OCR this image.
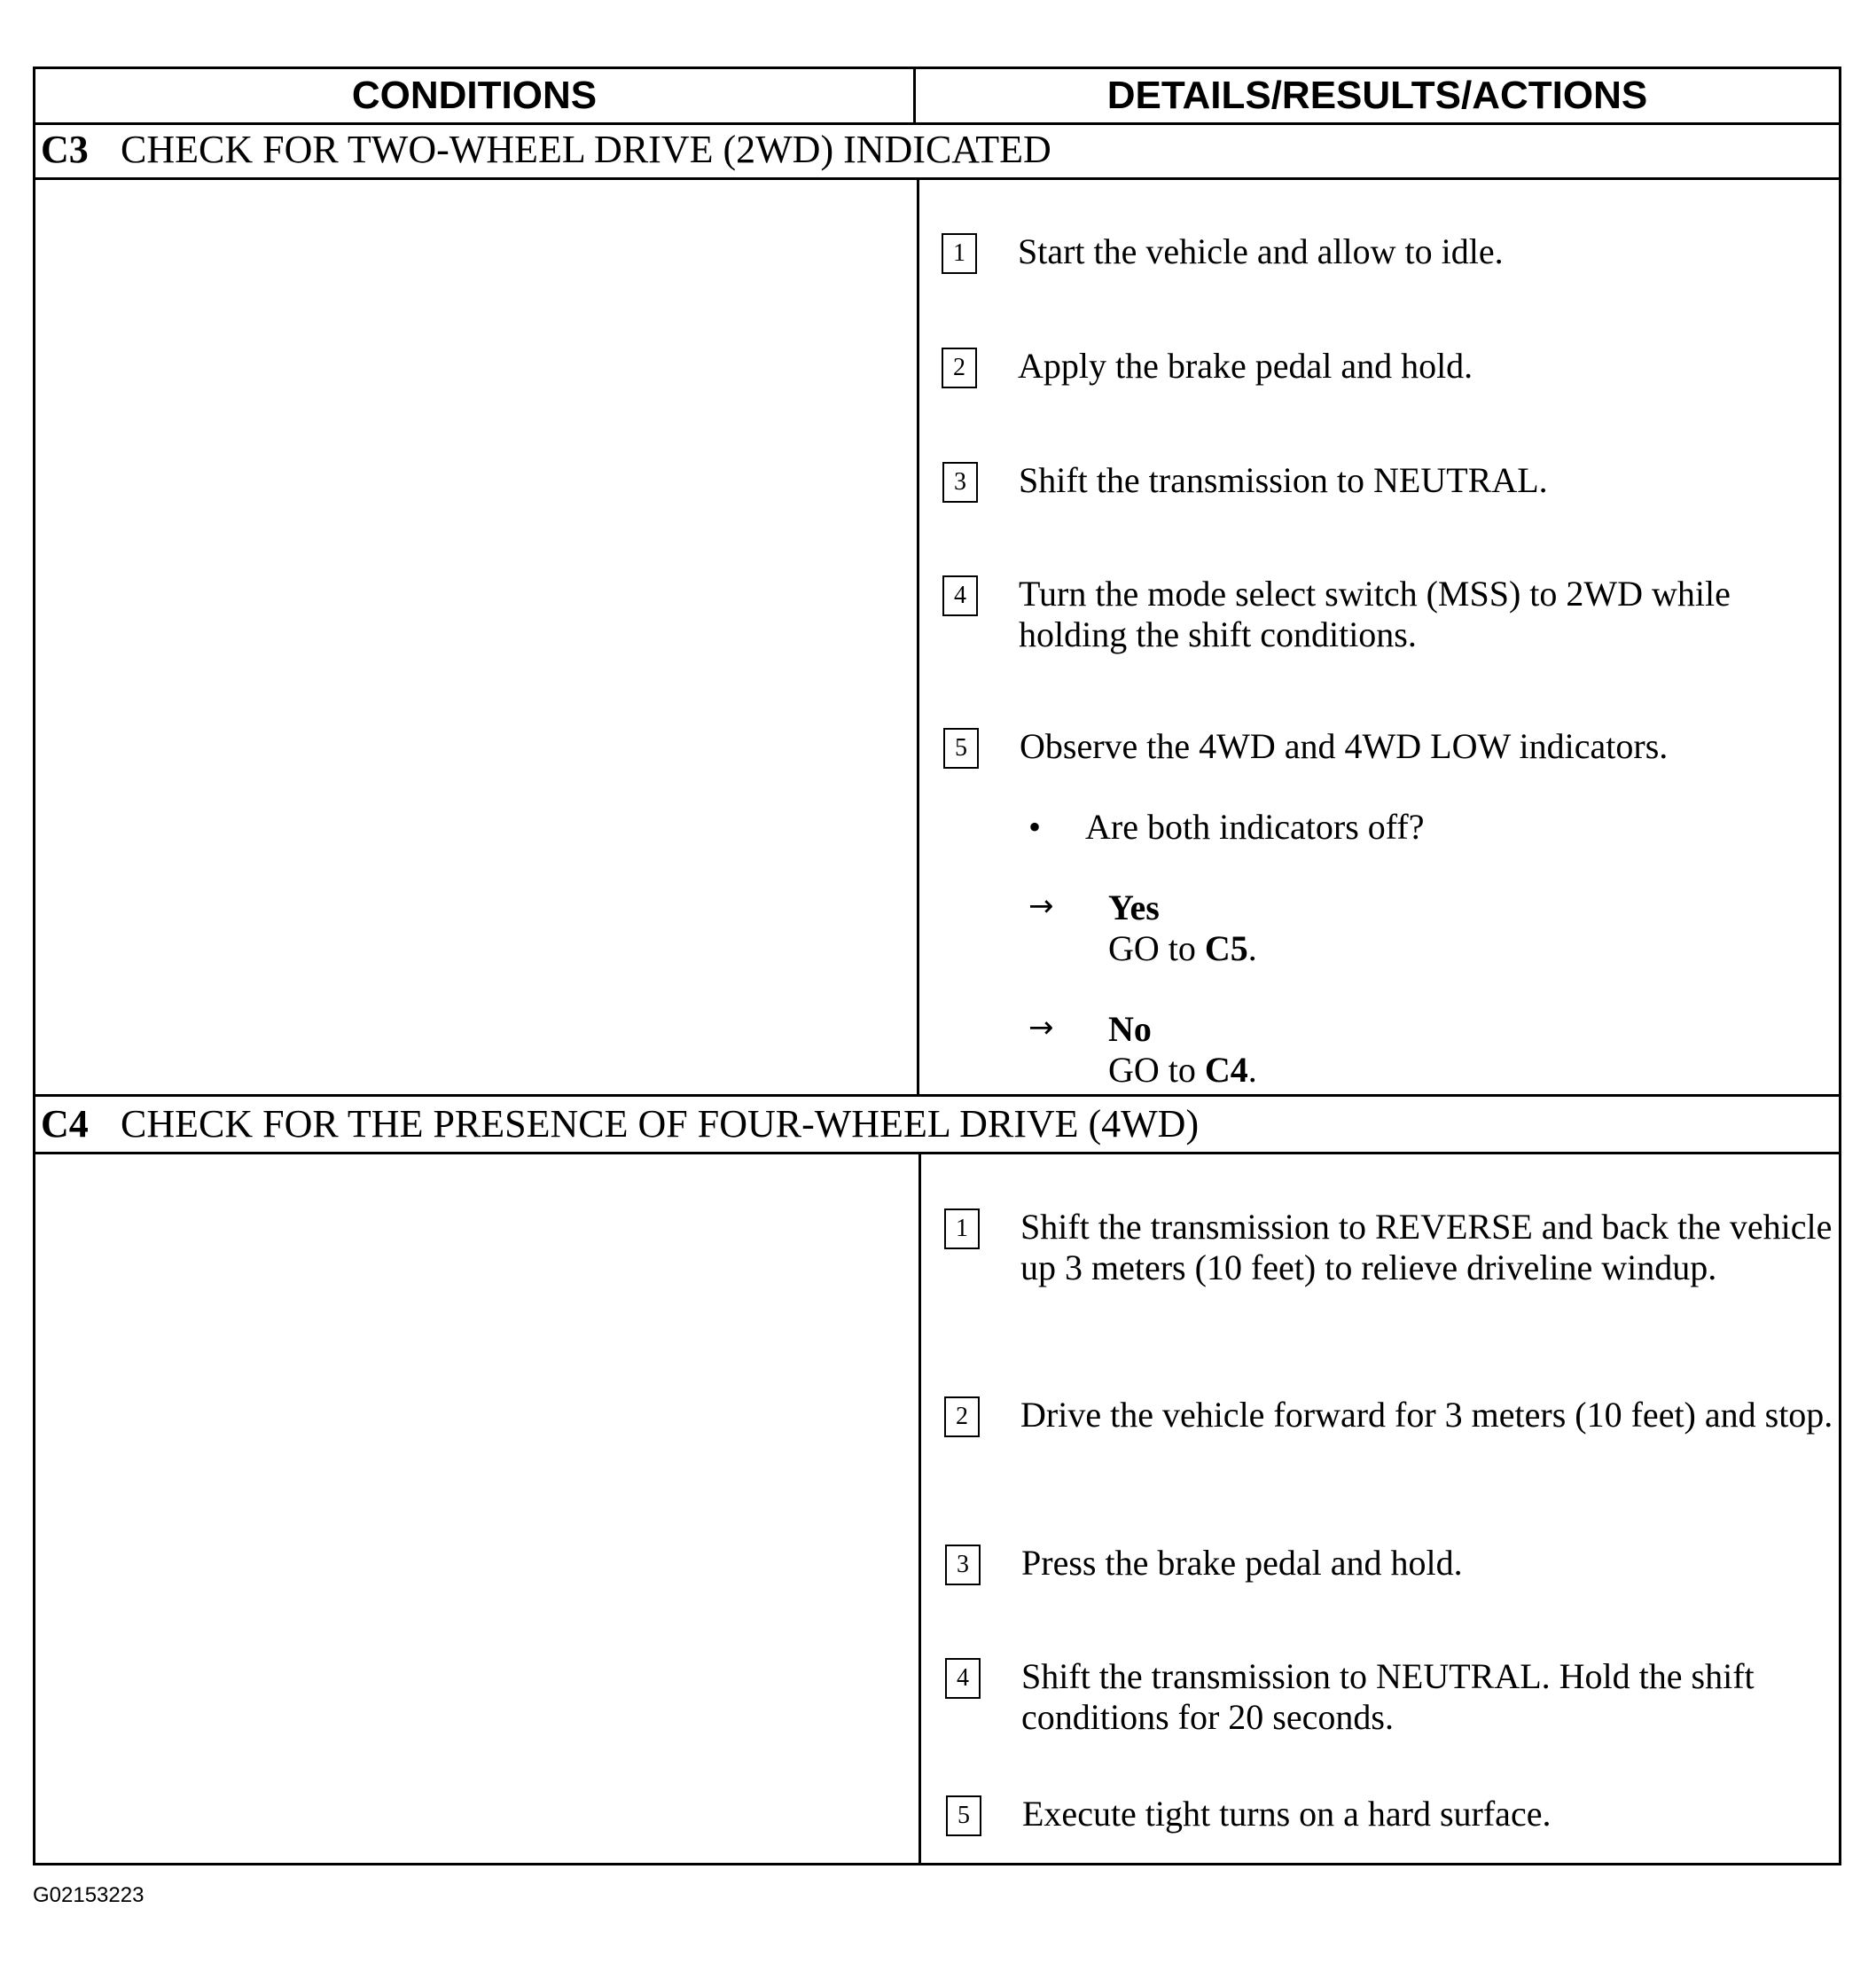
CONDITIONS	DETAILS/RESULTS/ACTIONS
C3 CHECK FOR TWO-WHEEL DRIVE (2WD) INDICATED
1	Start the vehicle and allow to idle.
2	Apply the brake pedal and hold.
3	Shift the transmission to NEUTRAL.
4	Turn the mode select switch (MSS) to 2WD while holding the shift conditions.
5	Observe the 4WD and 4WD LOW indicators.
• Are both indicators off?
→ Yes
GO to C5.
→ No
GO to C4.
C4 CHECK FOR THE PRESENCE OF FOUR-WHEEL DRIVE (4WD)
1	Shift the transmission to REVERSE and back the vehicle up 3 meters (10 feet) to relieve driveline windup.
2	Drive the vehicle forward for 3 meters (10 feet) and stop.
3	Press the brake pedal and hold.
4	Shift the transmission to NEUTRAL. Hold the shift conditions for 20 seconds.
5	Execute tight turns on a hard surface.
G02153223
